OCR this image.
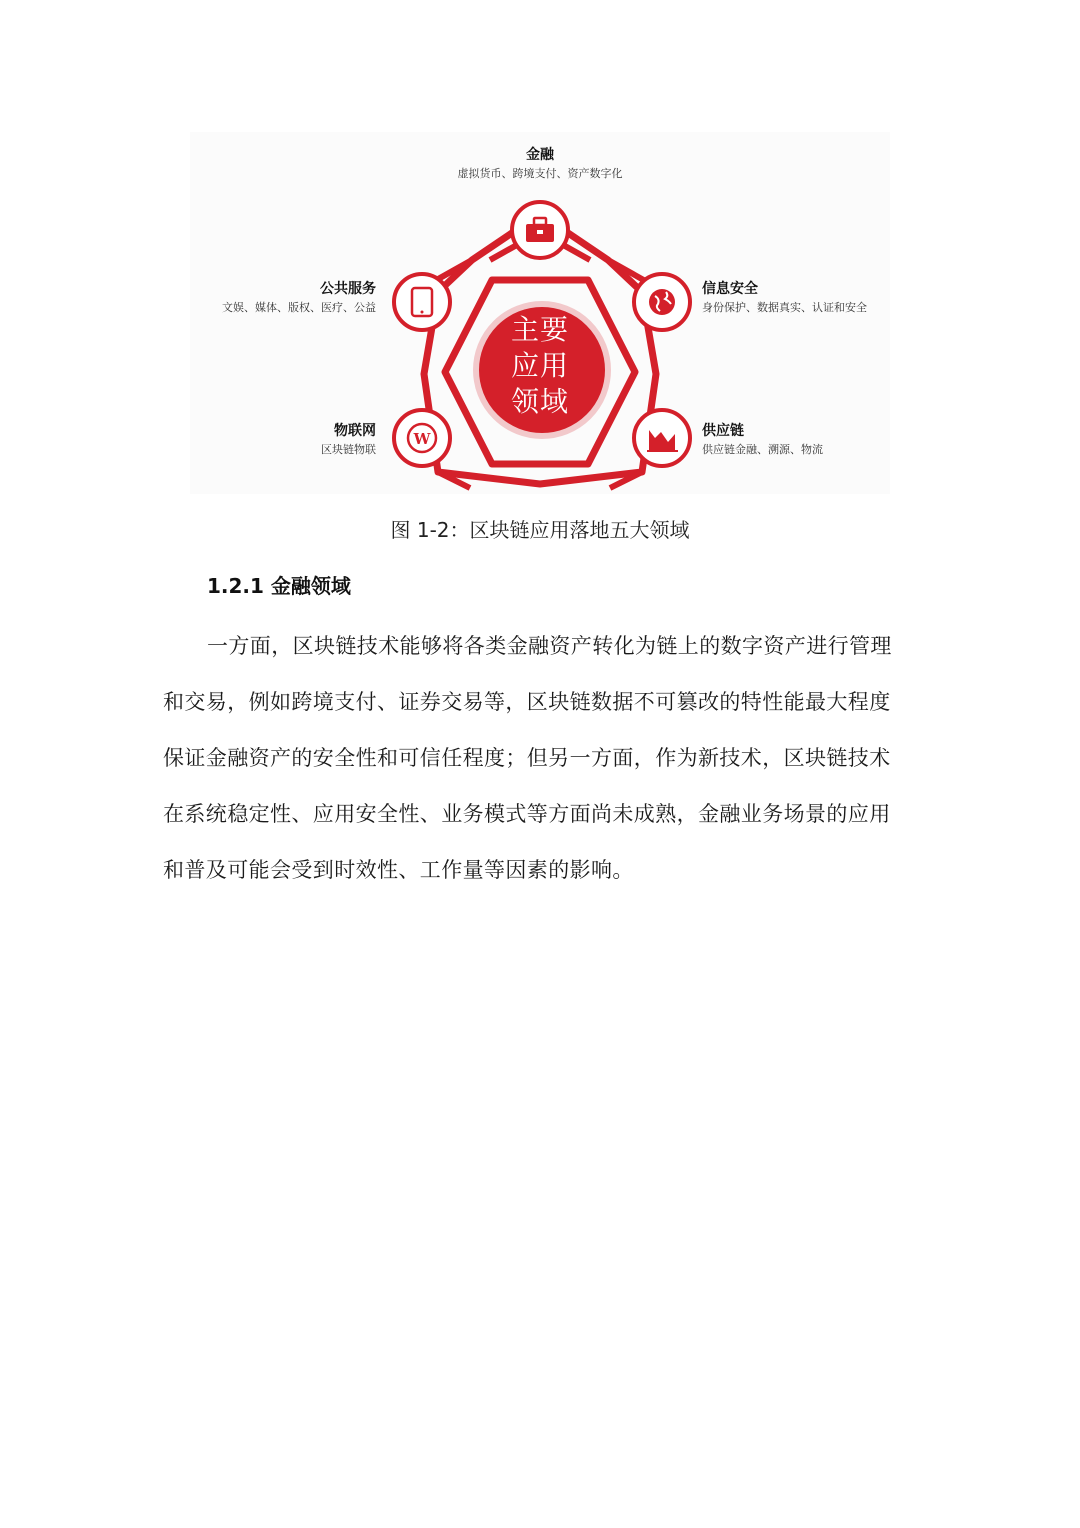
W
主要
应用
领域
金融
虚拟货币、跨境支付、资产数字化
信息安全
身份保护、数据真实、认证和安全
供应链
供应链金融、溯源、物流
物联网
区块链物联
公共服务
文娱、媒体、版权、医疗、公益
图 1-2：区块链应用落地五大领域
1.2.1 金融领域
一方面，区块链技术能够将各类金融资产转化为链上的数字资产进行管理
和交易，例如跨境支付、证券交易等，区块链数据不可篡改的特性能最大程度
保证金融资产的安全性和可信任程度；但另一方面，作为新技术，区块链技术
在系统稳定性、应用安全性、业务模式等方面尚未成熟，金融业务场景的应用
和普及可能会受到时效性、工作量等因素的影响。
